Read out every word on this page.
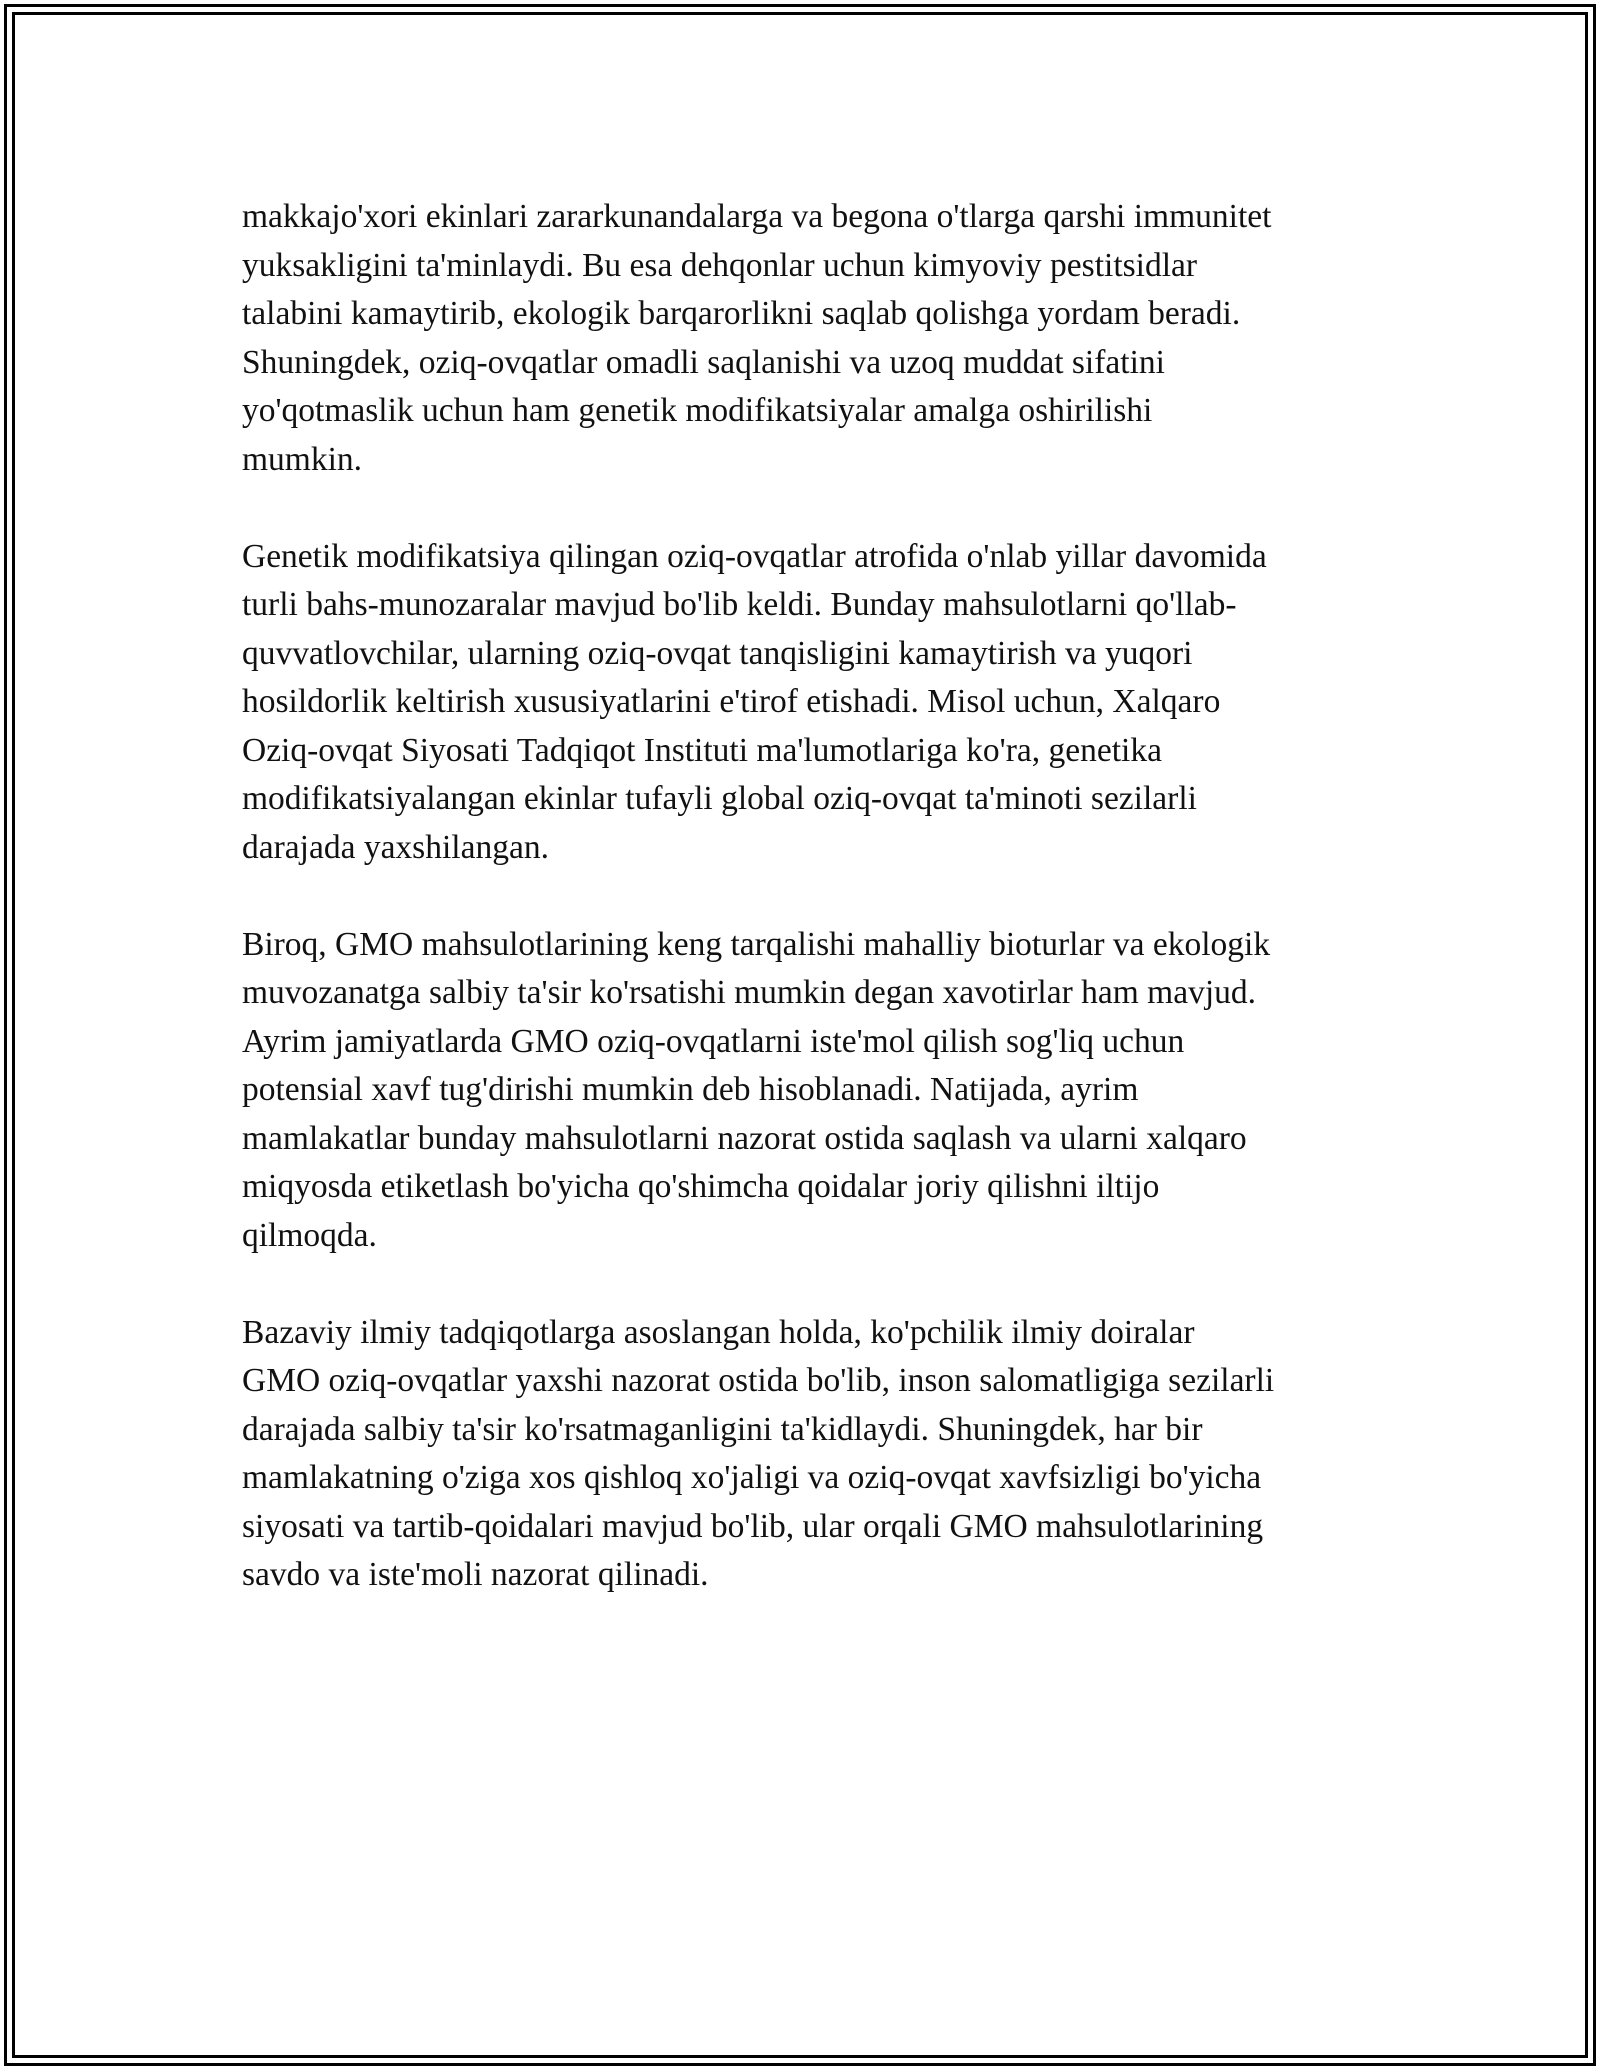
makkajo'xori ekinlari zararkunandalarga va begona o'tlarga qarshi immunitet
yuksakligini ta'minlaydi. Bu esa dehqonlar uchun kimyoviy pestitsidlar
talabini kamaytirib, ekologik barqarorlikni saqlab qolishga yordam beradi.
Shuningdek, oziq-ovqatlar omadli saqlanishi va uzoq muddat sifatini
yo'qotmaslik uchun ham genetik modifikatsiyalar amalga oshirilishi
mumkin.

Genetik modifikatsiya qilingan oziq-ovqatlar atrofida o'nlab yillar davomida
turli bahs-munozaralar mavjud bo'lib keldi. Bunday mahsulotlarni qo'llab-
quvvatlovchilar, ularning oziq-ovqat tanqisligini kamaytirish va yuqori
hosildorlik keltirish xususiyatlarini e'tirof etishadi. Misol uchun, Xalqaro
Oziq-ovqat Siyosati Tadqiqot Instituti ma'lumotlariga ko'ra, genetika
modifikatsiyalangan ekinlar tufayli global oziq-ovqat ta'minoti sezilarli
darajada yaxshilangan.

Biroq, GMO mahsulotlarining keng tarqalishi mahalliy bioturlar va ekologik
muvozanatga salbiy ta'sir ko'rsatishi mumkin degan xavotirlar ham mavjud.
Ayrim jamiyatlarda GMO oziq-ovqatlarni iste'mol qilish sog'liq uchun
potensial xavf tug'dirishi mumkin deb hisoblanadi. Natijada, ayrim
mamlakatlar bunday mahsulotlarni nazorat ostida saqlash va ularni xalqaro
miqyosda etiketlash bo'yicha qo'shimcha qoidalar joriy qilishni iltijo
qilmoqda.

Bazaviy ilmiy tadqiqotlarga asoslangan holda, ko'pchilik ilmiy doiralar
GMO oziq-ovqatlar yaxshi nazorat ostida bo'lib, inson salomatligiga sezilarli
darajada salbiy ta'sir ko'rsatmaganligini ta'kidlaydi. Shuningdek, har bir
mamlakatning o'ziga xos qishloq xo'jaligi va oziq-ovqat xavfsizligi bo'yicha
siyosati va tartib-qoidalari mavjud bo'lib, ular orqali GMO mahsulotlarining
savdo va iste'moli nazorat qilinadi.
